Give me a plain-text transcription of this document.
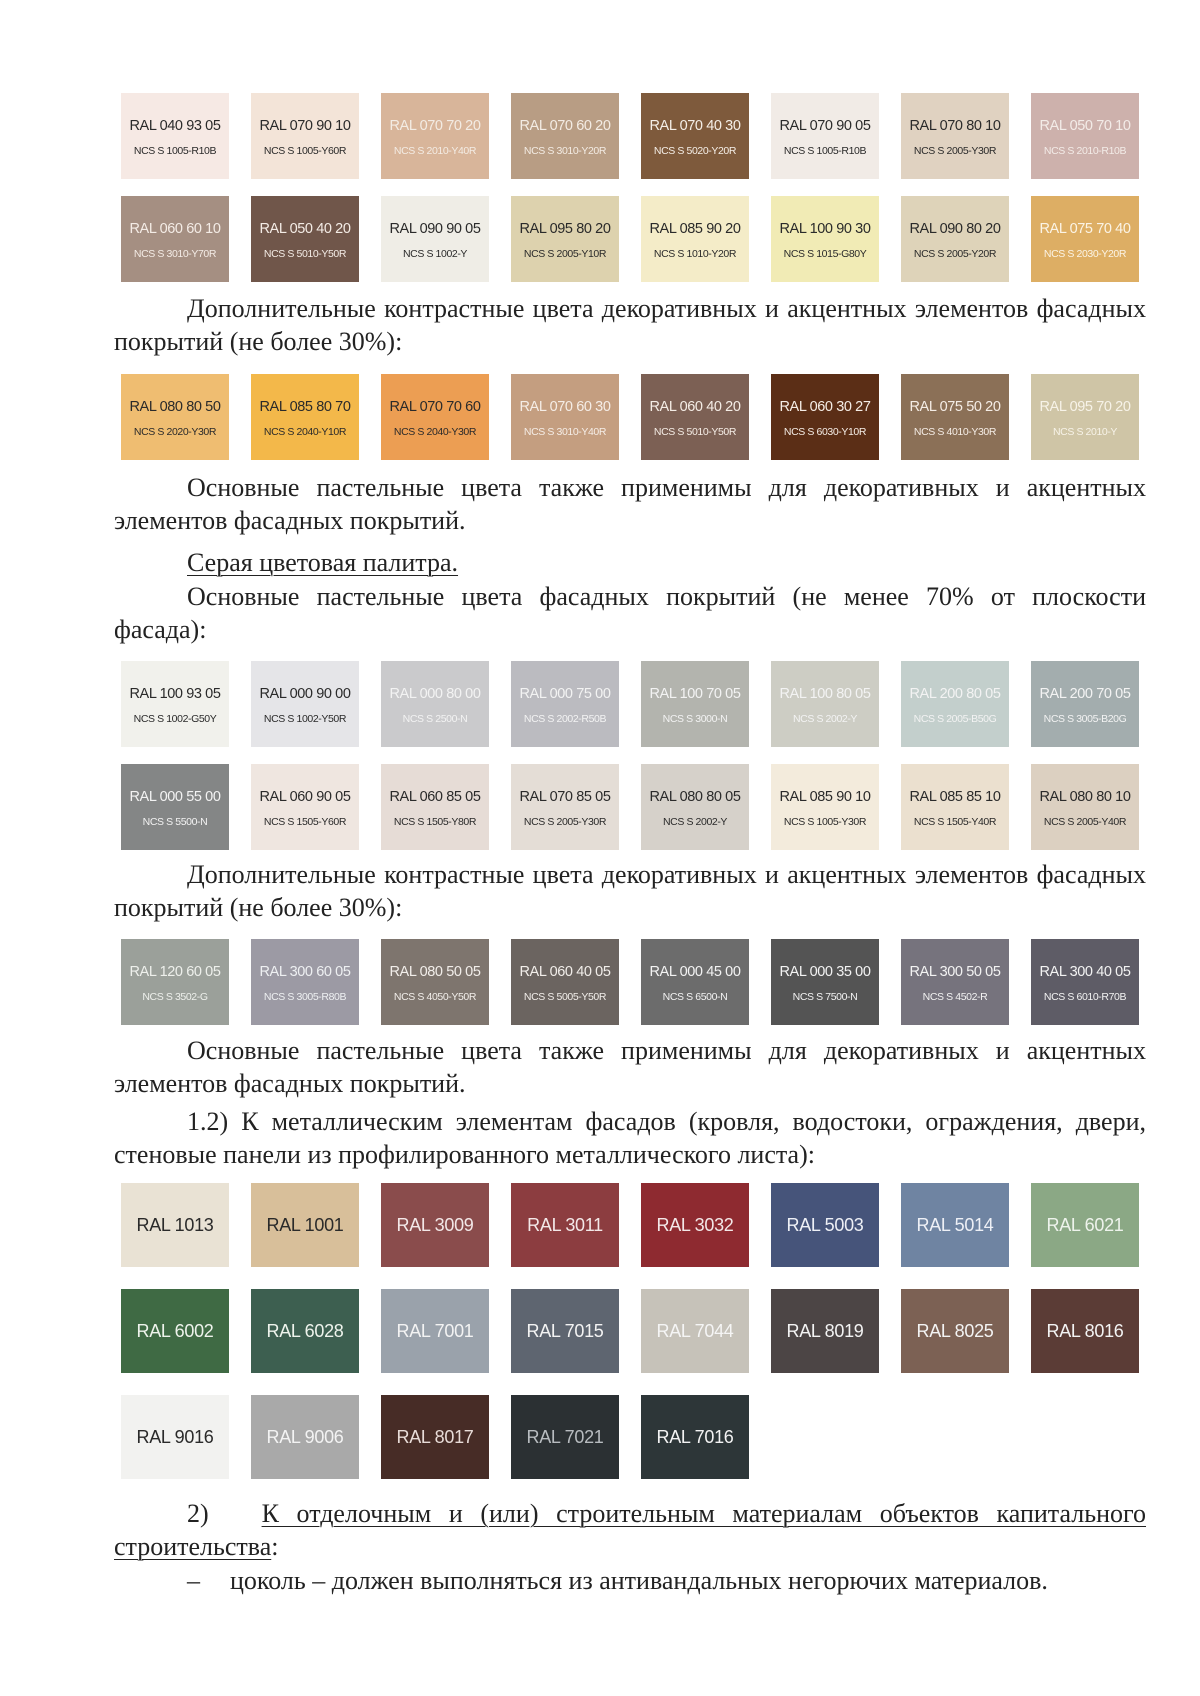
RAL 040 93 05
NCS S 1005-R10B
RAL 070 90 10
NCS S 1005-Y60R
RAL 070 70 20
NCS S 2010-Y40R
RAL 070 60 20
NCS S 3010-Y20R
RAL 070 40 30
NCS S 5020-Y20R
RAL 070 90 05
NCS S 1005-R10B
RAL 070 80 10
NCS S 2005-Y30R
RAL 050 70 10
NCS S 2010-R10B
RAL 060 60 10
NCS S 3010-Y70R
RAL 050 40 20
NCS S 5010-Y50R
RAL 090 90 05
NCS S 1002-Y
RAL 095 80 20
NCS S 2005-Y10R
RAL 085 90 20
NCS S 1010-Y20R
RAL 100 90 30
NCS S 1015-G80Y
RAL 090 80 20
NCS S 2005-Y20R
RAL 075 70 40
NCS S 2030-Y20R

Дополнительные контрастные цвета декоративных и акцентных элементов фасадных покрытий (не более 30%):

RAL 080 80 50
NCS S 2020-Y30R
RAL 085 80 70
NCS S 2040-Y10R
RAL 070 70 60
NCS S 2040-Y30R
RAL 070 60 30
NCS S 3010-Y40R
RAL 060 40 20
NCS S 5010-Y50R
RAL 060 30 27
NCS S 6030-Y10R
RAL 075 50 20
NCS S 4010-Y30R
RAL 095 70 20
NCS S 2010-Y

Основные пастельные цвета также применимы для декоративных и акцентных элементов фасадных покрытий.

Серая цветовая палитра.

Основные пастельные цвета фасадных покрытий (не менее 70% от плоскости фасада):

RAL 100 93 05
NCS S 1002-G50Y
RAL 000 90 00
NCS S 1002-Y50R
RAL 000 80 00
NCS S 2500-N
RAL 000 75 00
NCS S 2002-R50B
RAL 100 70 05
NCS S 3000-N
RAL 100 80 05
NCS S 2002-Y
RAL 200 80 05
NCS S 2005-B50G
RAL 200 70 05
NCS S 3005-B20G
RAL 000 55 00
NCS S 5500-N
RAL 060 90 05
NCS S 1505-Y60R
RAL 060 85 05
NCS S 1505-Y80R
RAL 070 85 05
NCS S 2005-Y30R
RAL 080 80 05
NCS S 2002-Y
RAL 085 90 10
NCS S 1005-Y30R
RAL 085 85 10
NCS S 1505-Y40R
RAL 080 80 10
NCS S 2005-Y40R

Дополнительные контрастные цвета декоративных и акцентных элементов фасадных покрытий (не более 30%):

RAL 120 60 05
NCS S 3502-G
RAL 300 60 05
NCS S 3005-R80B
RAL 080 50 05
NCS S 4050-Y50R
RAL 060 40 05
NCS S 5005-Y50R
RAL 000 45 00
NCS S 6500-N
RAL 000 35 00
NCS S 7500-N
RAL 300 50 05
NCS S 4502-R
RAL 300 40 05
NCS S 6010-R70B

Основные пастельные цвета также применимы для декоративных и акцентных элементов фасадных покрытий.

1.2) К металлическим элементам фасадов (кровля, водостоки, ограждения, двери, стеновые панели из профилированного металлического листа):

RAL 1013	RAL 1001	RAL 3009	RAL 3011	RAL 3032	RAL 5003	RAL 5014	RAL 6021
RAL 6002	RAL 6028	RAL 7001	RAL 7015	RAL 7044	RAL 8019	RAL 8025	RAL 8016
RAL 9016	RAL 9006	RAL 8017	RAL 7021	RAL 7016

2) К отделочным и (или) строительным материалам объектов капитального строительства:

– цоколь – должен выполняться из антивандальных негорючих материалов.
